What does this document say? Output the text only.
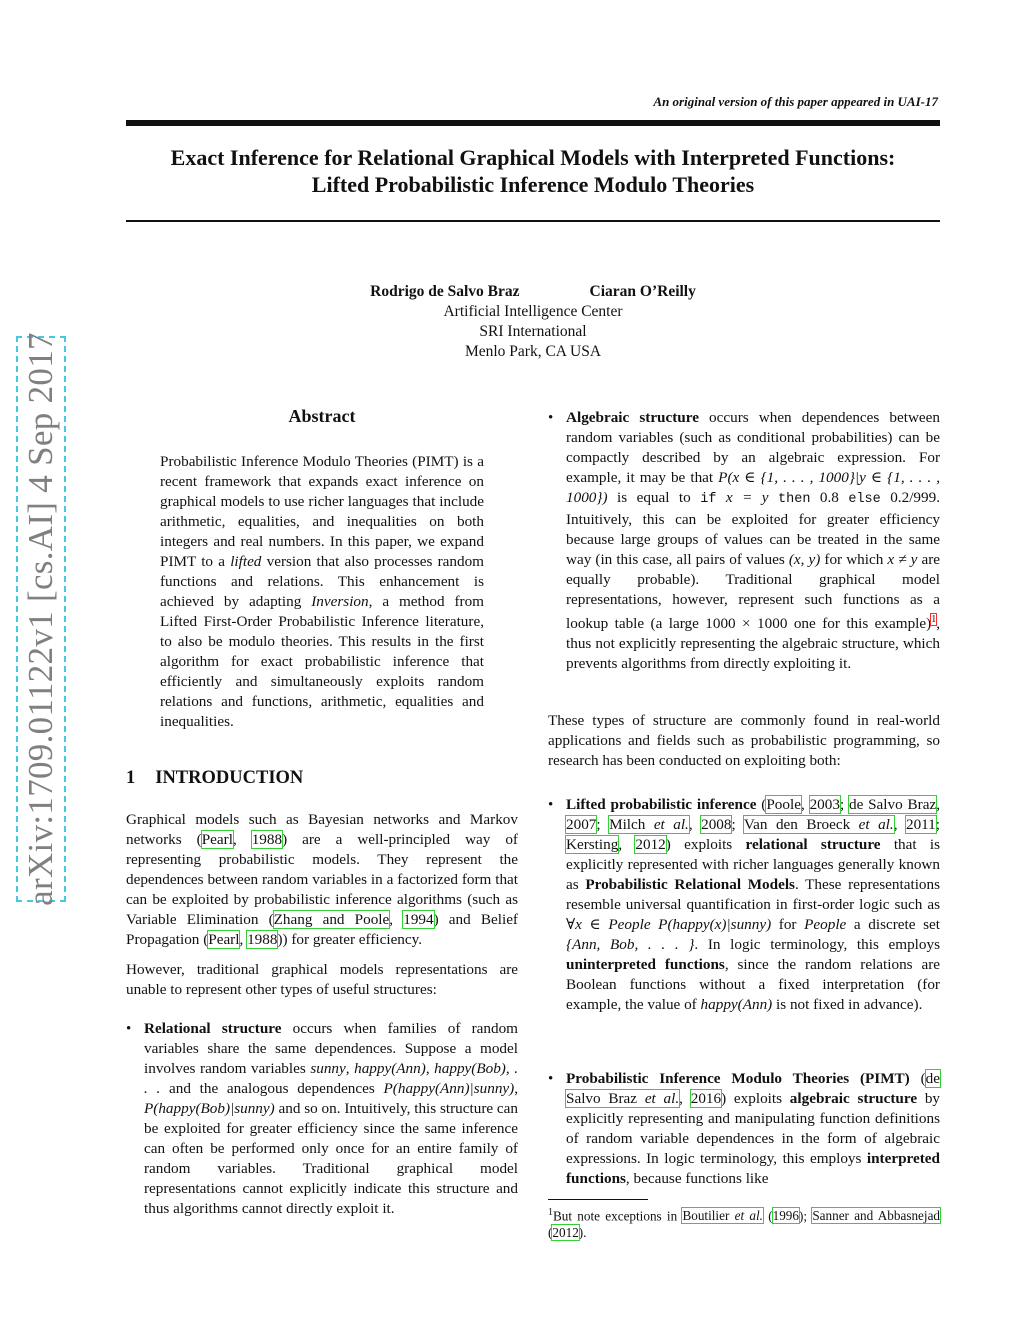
An original version of this paper appeared in UAI-17
Exact Inference for Relational Graphical Models with Interpreted Functions:
Lifted Probabilistic Inference Modulo Theories
Rodrigo de Salvo Braz	Ciaran O’Reilly
Artificial Intelligence Center
SRI International
Menlo Park, CA USA
arXiv:1709.01122v1 [cs.AI] 4 Sep 2017	Abstract
Probabilistic Inference Modulo Theories (PIMT) is a recent framework that expands exact inference on graphical models to use richer languages that include arithmetic, equalities, and inequalities on both integers and real numbers. In this paper, we expand PIMT to a lifted version that also processes random functions and relations. This enhancement is achieved by adapting Inversion, a method from Lifted First-Order Probabilistic Inference literature, to also be modulo theories. This results in the first algorithm for exact probabilistic inference that efficiently and simultaneously exploits random relations and functions, arithmetic, equalities and inequalities.
1 INTRODUCTION
Graphical models such as Bayesian networks and Markov networks (Pearl, 1988) are a well-principled way of representing probabilistic models. They represent the dependences between random variables in a factorized form that can be exploited by probabilistic inference algorithms (such as Variable Elimination (Zhang and Poole, 1994) and Belief Propagation (Pearl, 1988)) for greater efficiency.
However, traditional graphical models representations are unable to represent other types of useful structures:
• Relational structure occurs when families of random variables share the same dependences. Suppose a model involves random variables sunny, happy(Ann), happy(Bob), . . . and the analogous dependences P(happy(Ann)|sunny), P(happy(Bob)|sunny) and so on. Intuitively, this structure can be exploited for greater efficiency since the same inference can often be performed only once for an entire family of random variables. Traditional graphical model representations cannot explicitly indicate this structure and thus algorithms cannot directly exploit it.
• Algebraic structure occurs when dependences between random variables (such as conditional probabilities) can be compactly described by an algebraic expression. For example, it may be that P(x ∈ {1, . . . , 1000}|y ∈ {1, . . . , 1000}) is equal to if x = y then 0.8 else 0.2/999. Intuitively, this can be exploited for greater efficiency because large groups of values can be treated in the same way (in this case, all pairs of values (x, y) for which x ≠ y are equally probable). Traditional graphical model representations, however, represent such functions as a lookup table (a large 1000 × 1000 one for this example)$^1$, thus not explicitly representing the algebraic structure, which prevents algorithms from directly exploiting it.
These types of structure are commonly found in real-world applications and fields such as probabilistic programming, so research has been conducted on exploiting both:
• Lifted probabilistic inference (Poole, 2003; de Salvo Braz, 2007; Milch et al., 2008; Van den Broeck et al., 2011; Kersting, 2012) exploits relational structure that is explicitly represented with richer languages generally known as Probabilistic Relational Models. These representations resemble universal quantification in first-order logic such as ∀x ∈ People P(happy(x)|sunny) for People a discrete set {Ann, Bob, . . . }. In logic terminology, this employs uninterpreted functions, since the random relations are Boolean functions without a fixed interpretation (for example, the value of happy(Ann) is not fixed in advance).
• Probabilistic Inference Modulo Theories (PIMT) (de Salvo Braz et al., 2016) exploits algebraic structure by explicitly representing and manipulating function definitions of random variable dependences in the form of algebraic expressions. In logic terminology, this employs interpreted functions, because functions like
$^1$But note exceptions in Boutilier et al. (1996); Sanner and Abbasnejad (2012).
